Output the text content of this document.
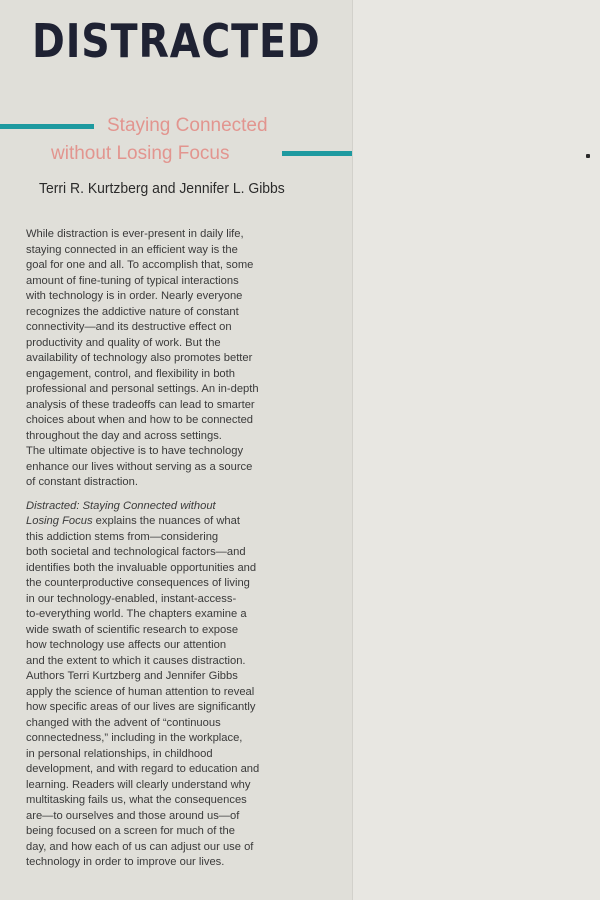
DISTRACTED
Staying Connected
without Losing Focus
Terri R. Kurtzberg and Jennifer L. Gibbs
While distraction is ever-present in daily life,
staying connected in an efficient way is the
goal for one and all. To accomplish that, some
amount of fine-tuning of typical interactions
with technology is in order. Nearly everyone
recognizes the addictive nature of constant
connectivity—and its destructive effect on
productivity and quality of work. But the
availability of technology also promotes better
engagement, control, and flexibility in both
professional and personal settings. An in-depth
analysis of these tradeoffs can lead to smarter
choices about when and how to be connected
throughout the day and across settings.
The ultimate objective is to have technology
enhance our lives without serving as a source
of constant distraction.
Distracted: Staying Connected without
Losing Focus explains the nuances of what
this addiction stems from—considering
both societal and technological factors—and
identifies both the invaluable opportunities and
the counterproductive consequences of living
in our technology-enabled, instant-access-
to-everything world. The chapters examine a
wide swath of scientific research to expose
how technology use affects our attention
and the extent to which it causes distraction.
Authors Terri Kurtzberg and Jennifer Gibbs
apply the science of human attention to reveal
how specific areas of our lives are significantly
changed with the advent of “continuous
connectedness,” including in the workplace,
in personal relationships, in childhood
development, and with regard to education and
learning. Readers will clearly understand why
multitasking fails us, what the consequences
are—to ourselves and those around us—of
being focused on a screen for much of the
day, and how each of us can adjust our use of
technology in order to improve our lives.
